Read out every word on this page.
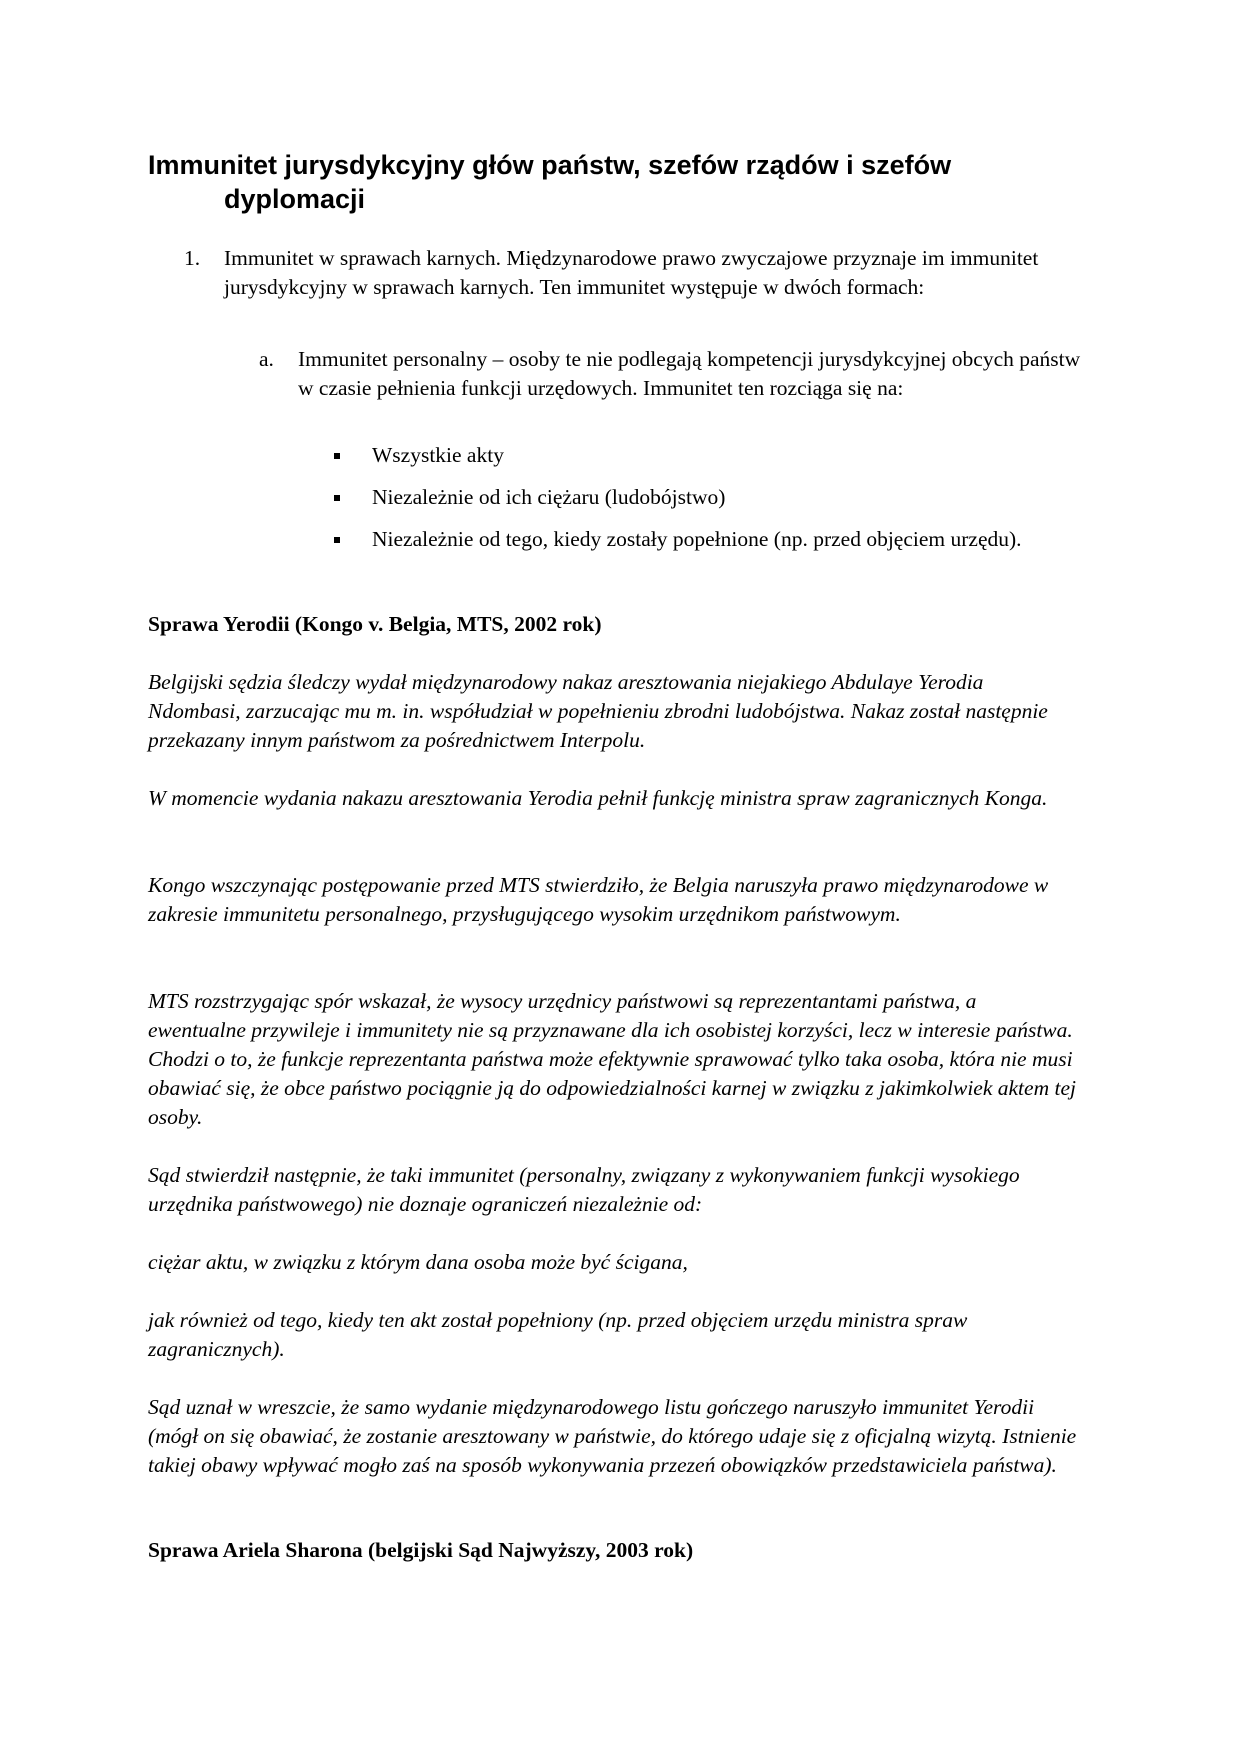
Immunitet jurysdykcyjny głów państw, szefów rządów i szefów
dyplomacji
1. Immunitet w sprawach karnych. Międzynarodowe prawo zwyczajowe przyznaje im immunitet jurysdykcyjny w sprawach karnych. Ten immunitet występuje w dwóch formach:
a. Immunitet personalny – osoby te nie podlegają kompetencji jurysdykcyjnej obcych państw w czasie pełnienia funkcji urzędowych. Immunitet ten rozciąga się na:
Wszystkie akty
Niezależnie od ich ciężaru (ludobójstwo)
Niezależnie od tego, kiedy zostały popełnione (np. przed objęciem urzędu).
Sprawa Yerodii (Kongo v. Belgia, MTS, 2002 rok)
Belgijski sędzia śledczy wydał międzynarodowy nakaz aresztowania niejakiego Abdulaye Yerodia Ndombasi, zarzucając mu m. in. współudział w popełnieniu zbrodni ludobójstwa. Nakaz został następnie przekazany innym państwom za pośrednictwem Interpolu.
W momencie wydania nakazu aresztowania Yerodia pełnił funkcję ministra spraw zagranicznych Konga.
Kongo wszczynając postępowanie przed MTS stwierdziło, że Belgia naruszyła prawo międzynarodowe w zakresie immunitetu personalnego, przysługującego wysokim urzędnikom państwowym.
MTS rozstrzygając spór wskazał, że wysocy urzędnicy państwowi są reprezentantami państwa, a ewentualne przywileje i immunitety nie są przyznawane dla ich osobistej korzyści, lecz w interesie państwa. Chodzi o to, że funkcje reprezentanta państwa może efektywnie sprawować tylko taka osoba, która nie musi obawiać się, że obce państwo pociągnie ją do odpowiedzialności karnej w związku z jakimkolwiek aktem tej osoby.
Sąd stwierdził następnie, że taki immunitet (personalny, związany z wykonywaniem funkcji wysokiego urzędnika państwowego) nie doznaje ograniczeń niezależnie od:
ciężar aktu, w związku z którym dana osoba może być ścigana,
jak również od tego, kiedy ten akt został popełniony (np. przed objęciem urzędu ministra spraw zagranicznych).
Sąd uznał w wreszcie, że samo wydanie międzynarodowego listu gończego naruszyło immunitet Yerodii (mógł on się obawiać, że zostanie aresztowany w państwie, do którego udaje się z oficjalną wizytą. Istnienie takiej obawy wpływać mogło zaś na sposób wykonywania przezeń obowiązków przedstawiciela państwa).
Sprawa Ariela Sharona (belgijski Sąd Najwyższy, 2003 rok)
